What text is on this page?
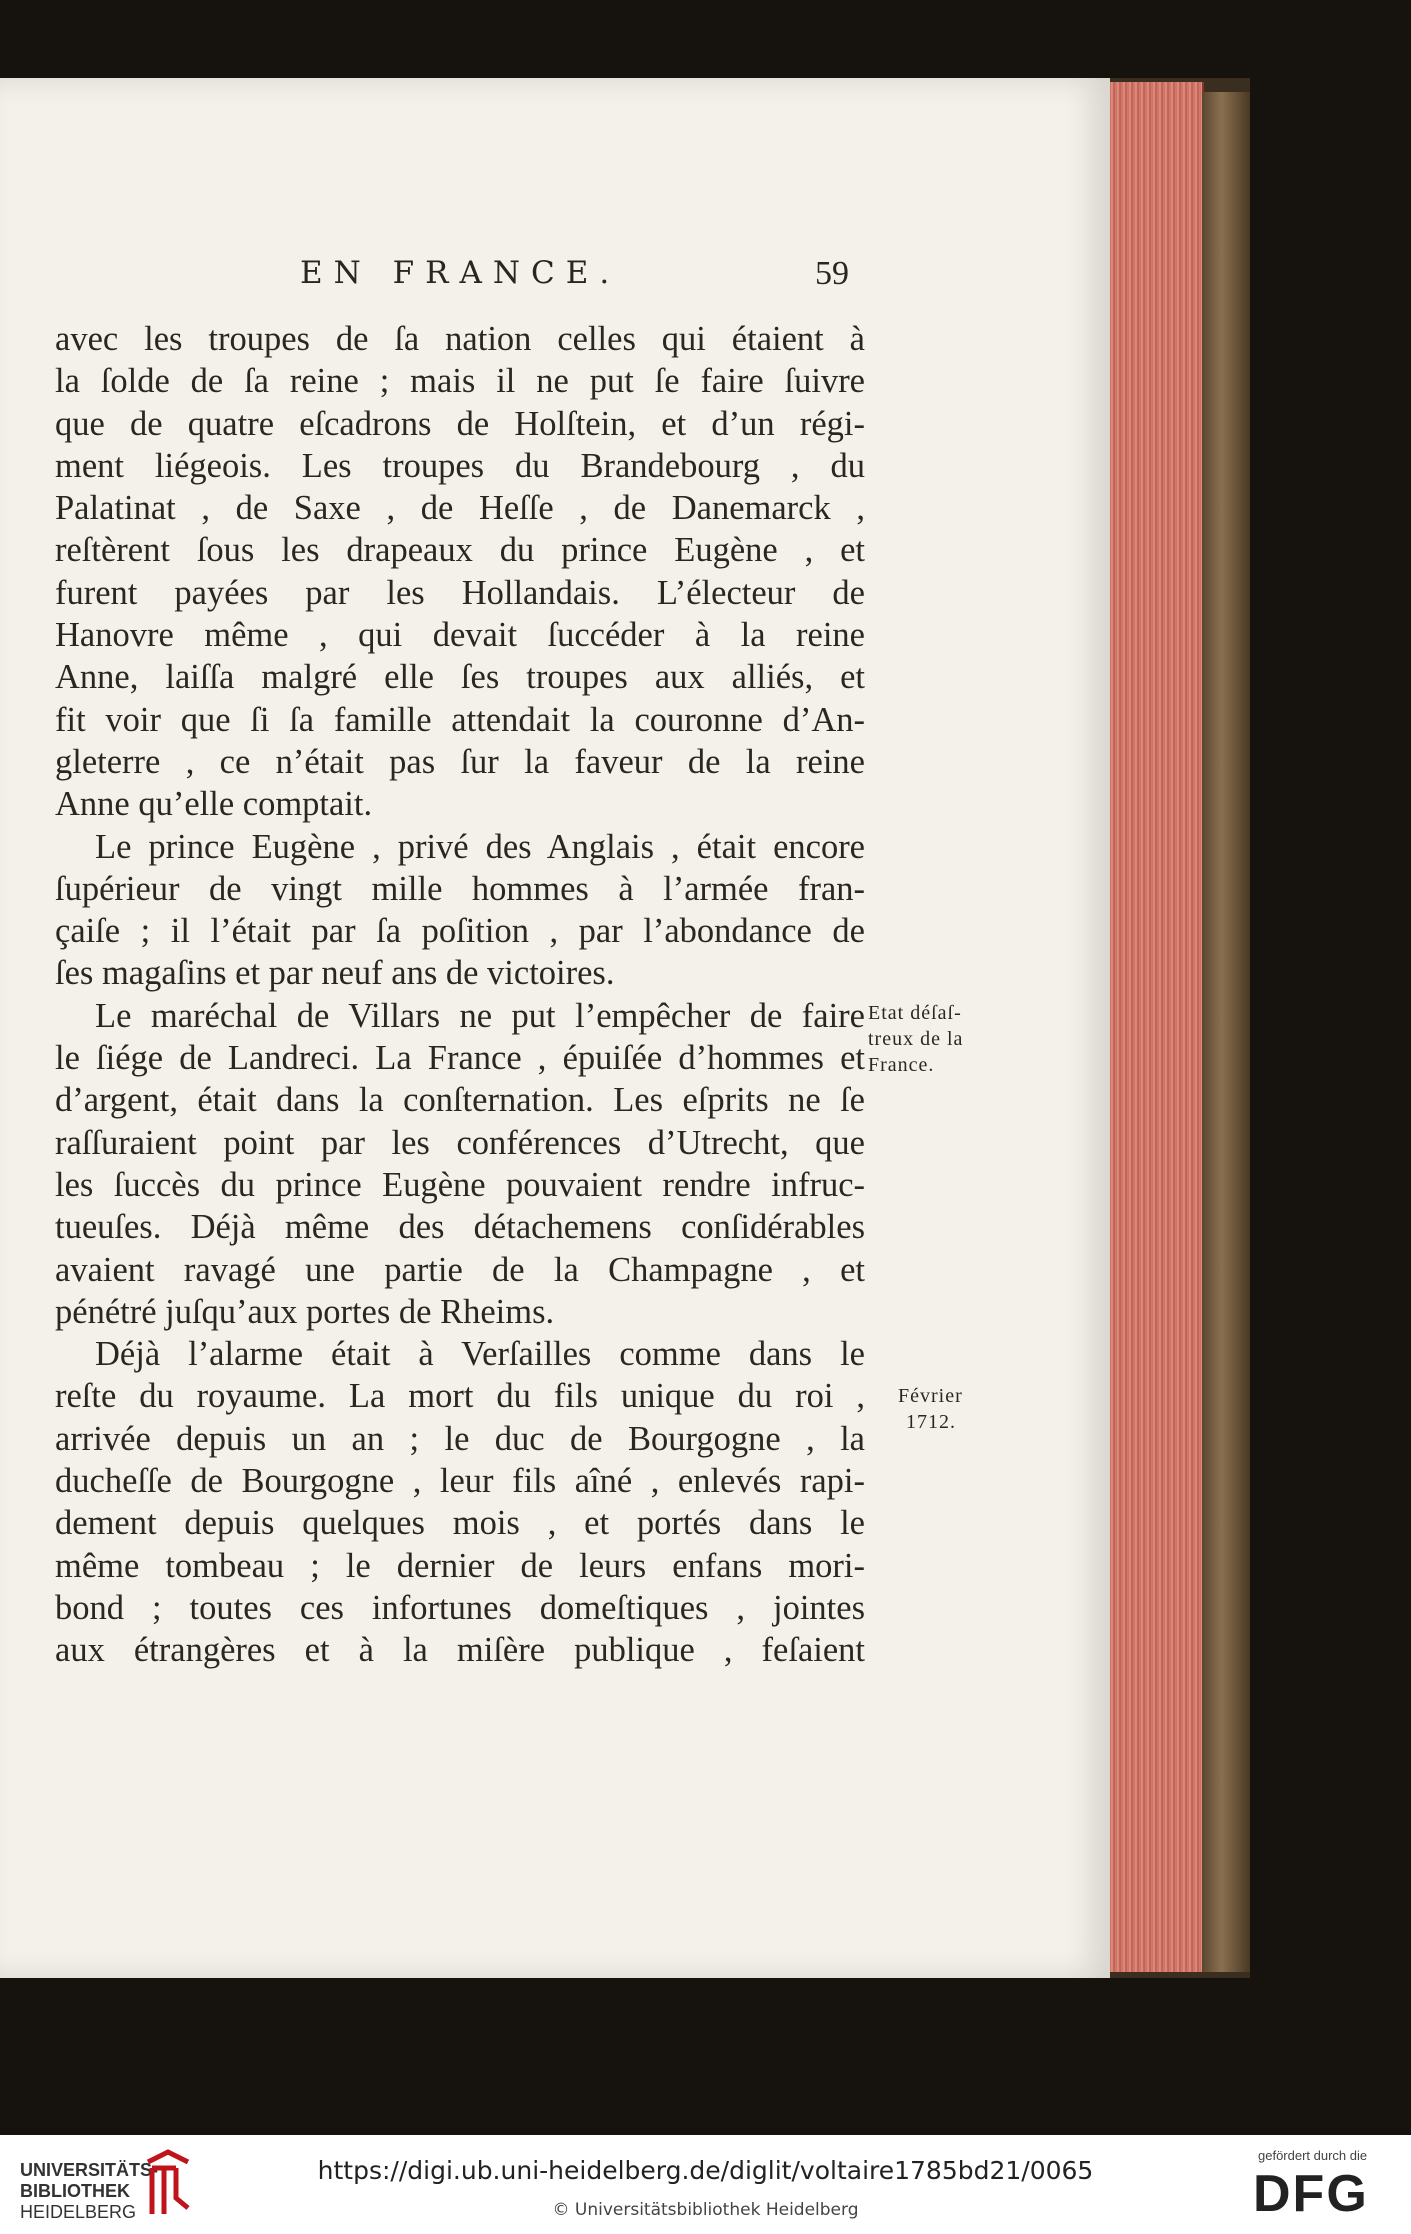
EN FRANCE.	59
avec les troupes de ſa nation celles qui étaient à
la ſolde de ſa reine ; mais il ne put ſe faire ſuivre
que de quatre eſcadrons de Holſtein, et d’un régi-
ment liégeois. Les troupes du Brandebourg , du
Palatinat , de Saxe , de Heſſe , de Danemarck ,
reſtèrent ſous les drapeaux du prince Eugène , et
furent payées par les Hollandais. L’électeur de
Hanovre même , qui devait ſuccéder à la reine
Anne, laiſſa malgré elle ſes troupes aux alliés, et
fit voir que ſi ſa famille attendait la couronne d’An-
gleterre , ce n’était pas ſur la faveur de la reine
Anne qu’elle comptait.
Le prince Eugène , privé des Anglais , était encore
ſupérieur de vingt mille hommes à l’armée fran-
çaiſe ; il l’était par ſa poſition , par l’abondance de
ſes magaſins et par neuf ans de victoires.
Le maréchal de Villars ne put l’empêcher de faire
le ſiége de Landreci. La France , épuiſée d’hommes et
d’argent, était dans la conſternation. Les eſprits ne ſe
raſſuraient point par les conférences d’Utrecht, que
les ſuccès du prince Eugène pouvaient rendre infruc-
tueuſes. Déjà même des détachemens conſidérables
avaient ravagé une partie de la Champagne , et
pénétré juſqu’aux portes de Rheims.
Déjà l’alarme était à Verſailles comme dans le
reſte du royaume. La mort du fils unique du roi ,
arrivée depuis un an ; le duc de Bourgogne , la
ducheſſe de Bourgogne , leur fils aîné , enlevés rapi-
dement depuis quelques mois , et portés dans le
même tombeau ; le dernier de leurs enfans mori-
bond ; toutes ces infortunes domeſtiques , jointes
aux étrangères et à la miſère publique , feſaient
Etat déſaſ-
treux de la
France.
Février
1712.
UNIVERSITÄTS-
BIBLIOTHEK
HEIDELBERG
https://digi.ub.uni-heidelberg.de/diglit/voltaire1785bd21/0065
© Universitätsbibliothek Heidelberg
gefördert durch die
DFG
